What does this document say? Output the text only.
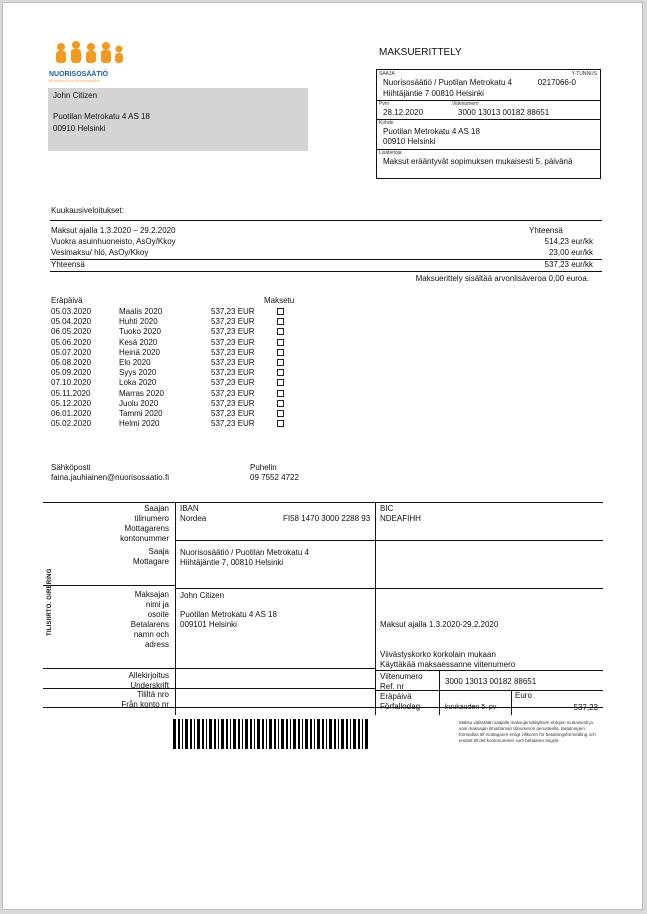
NUORISOSÄÄTIÖ
NUORISOSÄÄTIÖ NUORISOSÄÄTIÖ
MAKSUERITTELY
John Citizen
Puotilan Metrokatu 4 AS 18
00910 Helsinki
SAAJA	Y-TUNNUS
Nuorisosäätiö / Puotilan Metrokatu 4	0217066-0
Hiihtäjäntie 7 00810 Helsinki
Pvm	Viitenumero
28.12.2020	3000 13013 00182 88651
Kohde
Puotilan Metrokatu 4 AS 18
00910 Helsinki
Lisätietoja
Maksut erääntyvät sopimuksen mukaisesti 5. päivänä
Kuukausiveloitukset:
Maksut ajalla 1.3.2020 – 29.2.2020	Yhteensä
Vuokra asuinhuoneisto, AsOy/Kkoy	514,23 eur/kk
Vesimaksu/ hlö, AsOy/Kkoy	23,00 eur/kk
Yhteensä	537,23 eur/kk
Maksuerittely sisältää arvonlisäveroa 0,00 euroa.
Eräpäivä	Maksetu
05.03.2020	Maalis 2020	537,23 EUR
05.04.2020	Huhti 2020	537,23 EUR
06.05.2020	Tuoko 2020	537,23 EUR
05.06.2020	Kesä 2020	537,23 EUR
05.07.2020	Heinä 2020	537,23 EUR
05.08.2020	Elo 2020	537,23 EUR
05.09.2020	Syys 2020	537,23 EUR
07.10.2020	Loka 2020	537,23 EUR
05.11.2020	Marras 2020	537,23 EUR
05.12.2020	Juolu 2020	537,23 EUR
06.01.2020	Tammi 2020	537,23 EUR
05.02.2020	Helmi 2020	537,23 EUR
Sähköposti
faina.jauhiainen@nuorisosaatio.fi
Puhelin
09 7552 4722
TILISIIRTO. GIRERING
Saajan
tilinumero
Mottagarens
kontonummer
IBAN
Nordea	FI58 1470 3000 2288 93
BIC
NDEAFIHH
Saaja
Mottagare
Nuorisosäätiö / Puotilan Metrokatu 4
Hiihtäjäntie 7, 00810 Helsinki
Maksajan
nimi ja
osoite
Betalarens
namn och
adress
John Citizen
Puotilan Metrokatu 4 AS 18
009101 Helsinki	Maksut ajalla 1.3.2020-29.2.2020
Viivästyskorko korkolain mukaan
Käyttäkää maksaessanne viitenumero
Allekirjoitus
Underskrift
Tililtä nro
Från konto nr
Viitenumero
Ref. nr
3000 13013 00182 88651
Eräpäivä
Förfallodag	kuukauden 5. pv
Euro
537,23
Maksu välitetään saajalle maksujenvälityksen ehtojen mukaisesti ja vain maksajan ilmoittaman tilinumeron perusteella. Betalningen förmedlas till mottagaren enligt villkoren för betalningsförmedling och endast till det kontonummer som betalaren angivit.
